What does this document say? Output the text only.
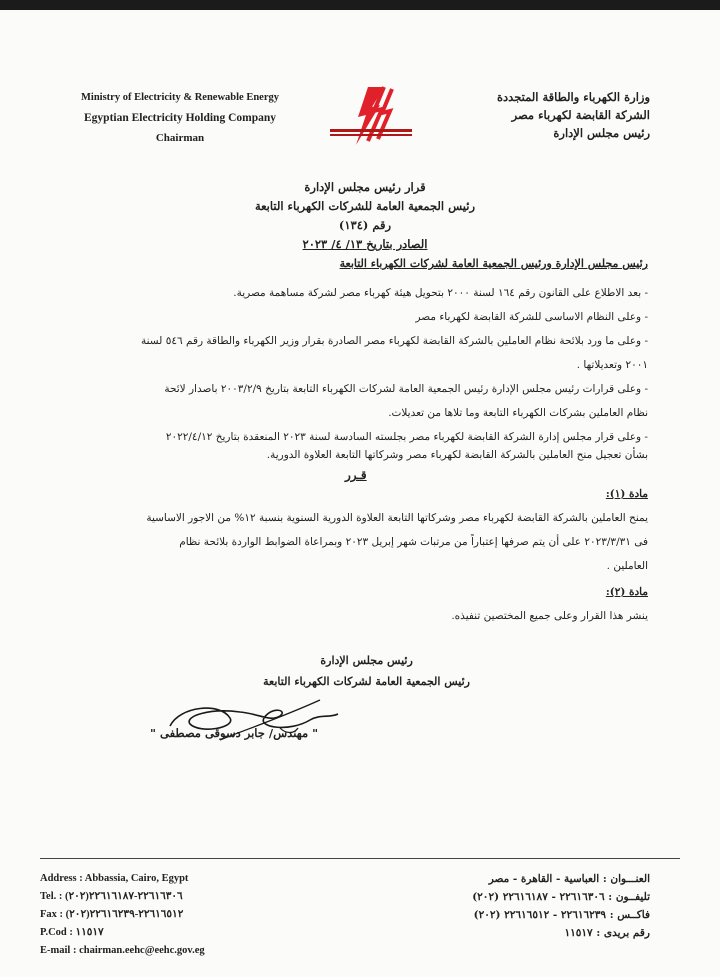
Ministry of Electricity & Renewable Energy
Egyptian Electricity Holding Company
Chairman
وزارة الكهرباء والطاقة المتجددة
الشركة القابضة لكهرباء مصر
رئيس مجلس الإدارة
قرار رئيس مجلس الإدارة
رئيس الجمعية العامة للشركات الكهرباء التابعة
رقم (١٣٤)
الصادر بتاريخ ١٣/ ٤/ ٢٠٢٣
رئيس مجلس الإدارة ورئيس الجمعية العامة لشركات الكهرباء التابعة
- بعد الاطلاع على القانون رقم ١٦٤ لسنة ٢٠٠٠ بتحويل هيئة كهرباء مصر لشركة مساهمة مصرية.
- وعلى النظام الاساسى للشركة القابضة لكهرباء مصر
- وعلى ما ورد بلائحة نظام العاملين بالشركة القابضة لكهرباء مصر الصادرة بقرار وزير الكهرباء والطاقة رقم ٥٤٦ لسنة
٢٠٠١ وتعديلاتها .
- وعلى قرارات رئيس مجلس الإدارة رئيس الجمعية العامة لشركات الكهرباء التابعة بتاريخ ٢٠٠٣/٢/٩ باصدار لائحة
نظام العاملين بشركات الكهرباء التابعة وما تلاها من تعديلات.
- وعلى قرار مجلس إدارة الشركة القابضة لكهرباء مصر بجلسته السادسة لسنة ٢٠٢٣ المنعقدة بتاريخ ٢٠٢٢/٤/١٢
بشأن تعجيل منح العاملين بالشركة القابضة لكهرباء مصر وشركاتها التابعة العلاوة الدورية.
قـرر
مادة (١):
يمنح العاملين بالشركة القابضة لكهرباء مصر وشركاتها التابعة العلاوة الدورية السنوية بنسبة ١٢% من الاجور الاساسية
فى ٢٠٢٣/٣/٣١ على أن يتم صرفها إعتباراً من مرتبات شهر إبريل ٢٠٢٣ وبمراعاة الضوابط الواردة بلائحة نظام
العاملين .
مادة (٢):
ينشر هذا القرار وعلى جميع المختصين تنفيذه.
رئيس مجلس الإدارة
رئيس الجمعية العامة لشركات الكهرباء التابعة
" مهندس/ جابر دسوقى مصطفى "
Address : Abbassia, Cairo, Egypt
Tel. : (٢٠٢)٢٢٦١٦٣٠٦-٢٢٦١٦١٨٧
Fax : (٢٠٢)٢٢٦١٦٥١٢-٢٢٦١٦٢٣٩
P.Cod : ١١٥١٧
E-mail : chairman.eehc@eehc.gov.eg
العنـــوان : العباسية - القاهرة - مصر
تليفــون : ٢٢٦١٦٣٠٦ - ٢٢٦١٦١٨٧ (٢٠٢)
فاكــس : ٢٢٦١٦٢٣٩ - ٢٢٦١٦٥١٢ (٢٠٢)
رقم بريدى : ١١٥١٧
